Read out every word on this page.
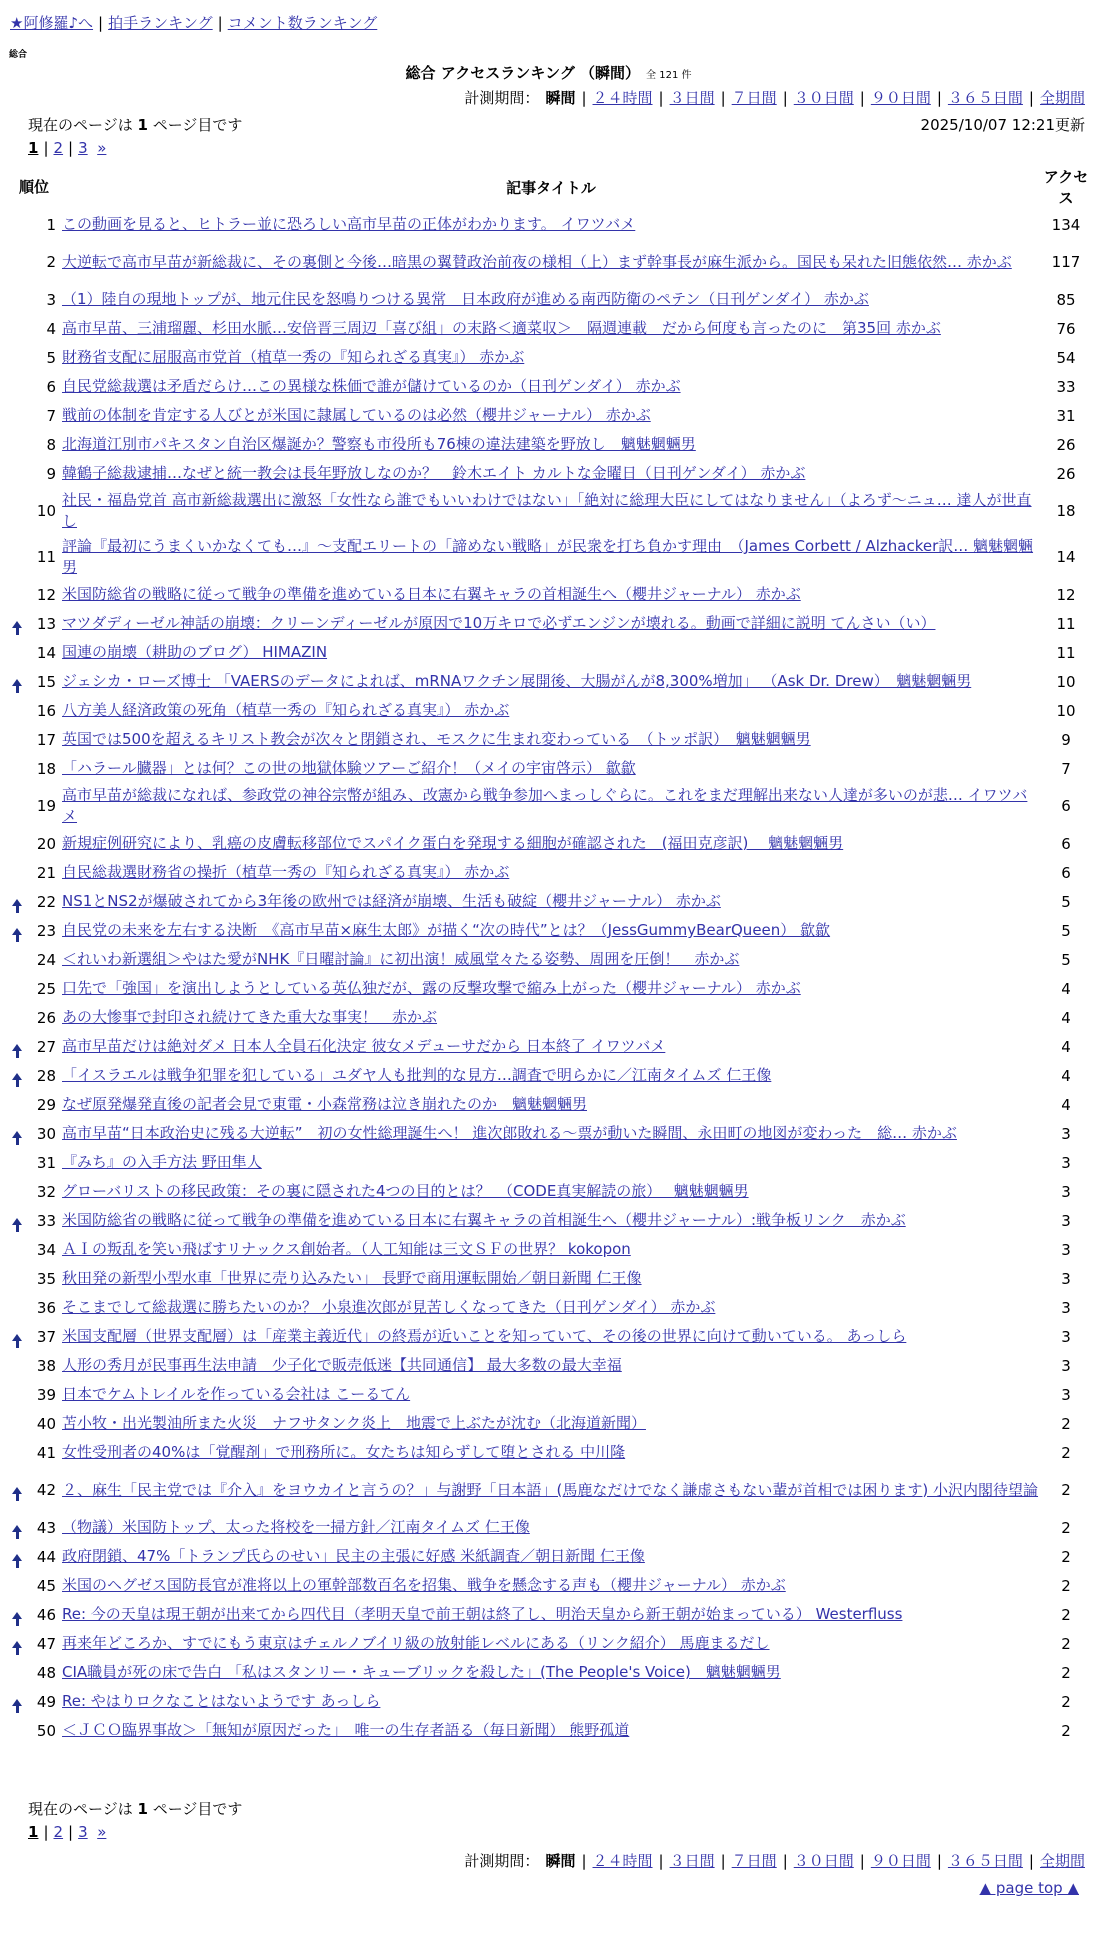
★阿修羅♪へ | 拍手ランキング | コメント数ランキング
総合
総合 アクセスランキング （瞬間） 全 121 件
計測期間： 瞬間 | ２４時間 | ３日間 | ７日間 | ３０日間 | ９０日間 | ３６５日間 | 全期間
現在のページは 1 ページ目です	2025/10/07 12:21更新
1 | 2 | 3 »
順位		記事タイトル	アクセス
	1	この動画を見ると、ヒトラー並に恐ろしい高市早苗の正体がわかります。 イワツバメ	134
	2	大逆転で高市早苗が新総裁に、その裏側と今後…暗黒の翼賛政治前夜の様相（上）まず幹事長が麻生派から。国民も呆れた旧態依然… 赤かぶ	117
	3	（1）陸自の現地トップが、地元住民を怒鳴りつける異常　日本政府が進める南西防衛のペテン（日刊ゲンダイ） 赤かぶ	85
	4	高市早苗、三浦瑠麗、杉田水脈…安倍晋三周辺「喜び組」の末路＜適菜収＞　隔週連載　だから何度も言ったのに　第35回 赤かぶ	76
	5	財務省支配に屈服高市党首（植草一秀の『知られざる真実』） 赤かぶ	54
	6	自民党総裁選は矛盾だらけ…この異様な株価で誰が儲けているのか（日刊ゲンダイ） 赤かぶ	33
	7	戦前の体制を肯定する人びとが米国に隷属しているのは必然（櫻井ジャーナル） 赤かぶ	31
	8	北海道江別市パキスタン自治区爆誕か？警察も市役所も76棟の違法建築を野放し　魑魅魍魎男	26
	9	韓鶴子総裁逮捕…なぜと統一教会は長年野放しなのか？　鈴木エイト カルトな金曜日（日刊ゲンダイ） 赤かぶ	26
	10	社民・福島党首 高市新総裁選出に激怒「女性なら誰でもいいわけではない」「絶対に総理大臣にしてはなりません」（よろず～ニュ… 達人が世直し	18
	11	評論『最初にうまくいかなくても…』～支配エリートの「諦めない戦略」が民衆を打ち負かす理由　（James Corbett / Alzhacker訳… 魑魅魍魎男	14
	12	米国防総省の戦略に従って戦争の準備を進めている日本に右翼キャラの首相誕生へ（櫻井ジャーナル） 赤かぶ	12
	13	マツダディーゼル神話の崩壊：クリーンディーゼルが原因で10万キロで必ずエンジンが壊れる。動画で詳細に説明 てんさい（い）	11
	14	国連の崩壊（耕助のブログ） HIMAZIN	11
	15	ジェシカ・ローズ博士 「VAERSのデータによれば、mRNAワクチン展開後、大腸がんが8,300%増加」 （Ask Dr. Drew）　魑魅魍魎男	10
	16	八方美人経済政策の死角（植草一秀の『知られざる真実』） 赤かぶ	10
	17	英国では500を超えるキリスト教会が次々と閉鎖され、モスクに生まれ変わっている　（トッポ訳）　魑魅魍魎男	9
	18	「ハラール臓器」とは何？この世の地獄体験ツアーご紹介！（メイの宇宙啓示） 歙歙	7
	19	高市早苗が総裁になれば、参政党の神谷宗幣が組み、改憲から戦争参加へまっしぐらに。これをまだ理解出来ない人達が多いのが悲… イワツバメ	6
	20	新規症例研究により、乳癌の皮膚転移部位でスパイク蛋白を発現する細胞が確認された　(福田克彦訳)　 魑魅魍魎男	6
	21	自民総裁選財務省の操折（植草一秀の『知られざる真実』） 赤かぶ	6
	22	NS1とNS2が爆破されてから3年後の欧州では経済が崩壊、生活も破綻（櫻井ジャーナル） 赤かぶ	5
	23	自民党の未来を左右する決断　《高市早苗×麻生太郎》が描く“次の時代”とは？（JessGummyBearQueen） 歙歙	5
	24	＜れいわ新選組＞やはた愛がNHK『日曜討論』に初出演！威風堂々たる姿勢、周囲を圧倒！　赤かぶ	5
	25	口先で「強国」を演出しようとしている英仏独だが、露の反撃攻撃で縮み上がった（櫻井ジャーナル） 赤かぶ	4
	26	あの大惨事で封印され続けてきた重大な事実！　赤かぶ	4
	27	高市早苗だけは絶対ダメ 日本人全員石化決定 彼女メデューサだから 日本終了 イワツバメ	4
	28	「イスラエルは戦争犯罪を犯している」ユダヤ人も批判的な見方…調査で明らかに／江南タイムズ 仁王像	4
	29	なぜ原発爆発直後の記者会見で東電・小森常務は泣き崩れたのか　魑魅魍魎男	4
	30	高市早苗“日本政治史に残る大逆転”　初の女性総理誕生へ！ 進次郎敗れる～票が動いた瞬間、永田町の地図が変わった　総… 赤かぶ	3
	31	『みち』の入手方法 野田隼人	3
	32	グローバリストの移民政策：その裏に隠された4つの目的とは？　（CODE真実解読の旅）　 魑魅魍魎男	3
	33	米国防総省の戦略に従って戦争の準備を進めている日本に右翼キャラの首相誕生へ（櫻井ジャーナル）:戦争板リンク　赤かぶ	3
	34	ＡＩの叛乱を笑い飛ばすリナックス創始者。（人工知能は三文ＳＦの世界？ kokopon	3
	35	秋田発の新型小型水車「世界に売り込みたい」 長野で商用運転開始／朝日新聞 仁王像	3
	36	そこまでして総裁選に勝ちたいのか？ 小泉進次郎が見苦しくなってきた（日刊ゲンダイ） 赤かぶ	3
	37	米国支配層（世界支配層）は「産業主義近代」の終焉が近いことを知っていて、その後の世界に向けて動いている。 あっしら	3
	38	人形の秀月が民事再生法申請　少子化で販売低迷【共同通信】 最大多数の最大幸福	3
	39	日本でケムトレイルを作っている会社は こーるてん	3
	40	苫小牧・出光製油所また火災　ナフサタンク炎上　地震で上ぶたが沈む（北海道新聞）	2
	41	女性受刑者の40%は「覚醒剤」で刑務所に。女たちは知らずして堕とされる 中川隆	2
	42	２、麻生「民主党では『介入』をヨウカイと言うの？」与謝野「日本語」(馬鹿なだけでなく謙虚さもない輩が首相では困ります) 小沢内閣待望論	2
	43	（物議）米国防トップ、太った将校を一掃方針／江南タイムズ 仁王像	2
	44	政府閉鎖、47%「トランプ氏らのせい」民主の主張に好感 米紙調査／朝日新聞 仁王像	2
	45	米国のヘグゼス国防長官が准将以上の軍幹部数百名を招集、戦争を懸念する声も（櫻井ジャーナル） 赤かぶ	2
	46	Re: 今の天皇は現王朝が出来てから四代目（孝明天皇で前王朝は終了し、明治天皇から新王朝が始まっている） Westerfluss	2
	47	再来年どころか、すでにもう東京はチェルノブイリ級の放射能レベルにある（リンク紹介） 馬鹿まるだし	2
	48	CIA職員が死の床で告白 「私はスタンリー・キューブリックを殺した」(The People's Voice)　魑魅魍魎男	2
	49	Re: やはりロクなことはないようです あっしら	2
	50	＜ＪＣＯ臨界事故＞「無知が原因だった」　唯一の生存者語る（毎日新聞） 熊野孤道	2
現在のページは 1 ページ目です
1 | 2 | 3 »
計測期間： 瞬間 | ２４時間 | ３日間 | ７日間 | ３０日間 | ９０日間 | ３６５日間 | 全期間
▲ page top ▲
